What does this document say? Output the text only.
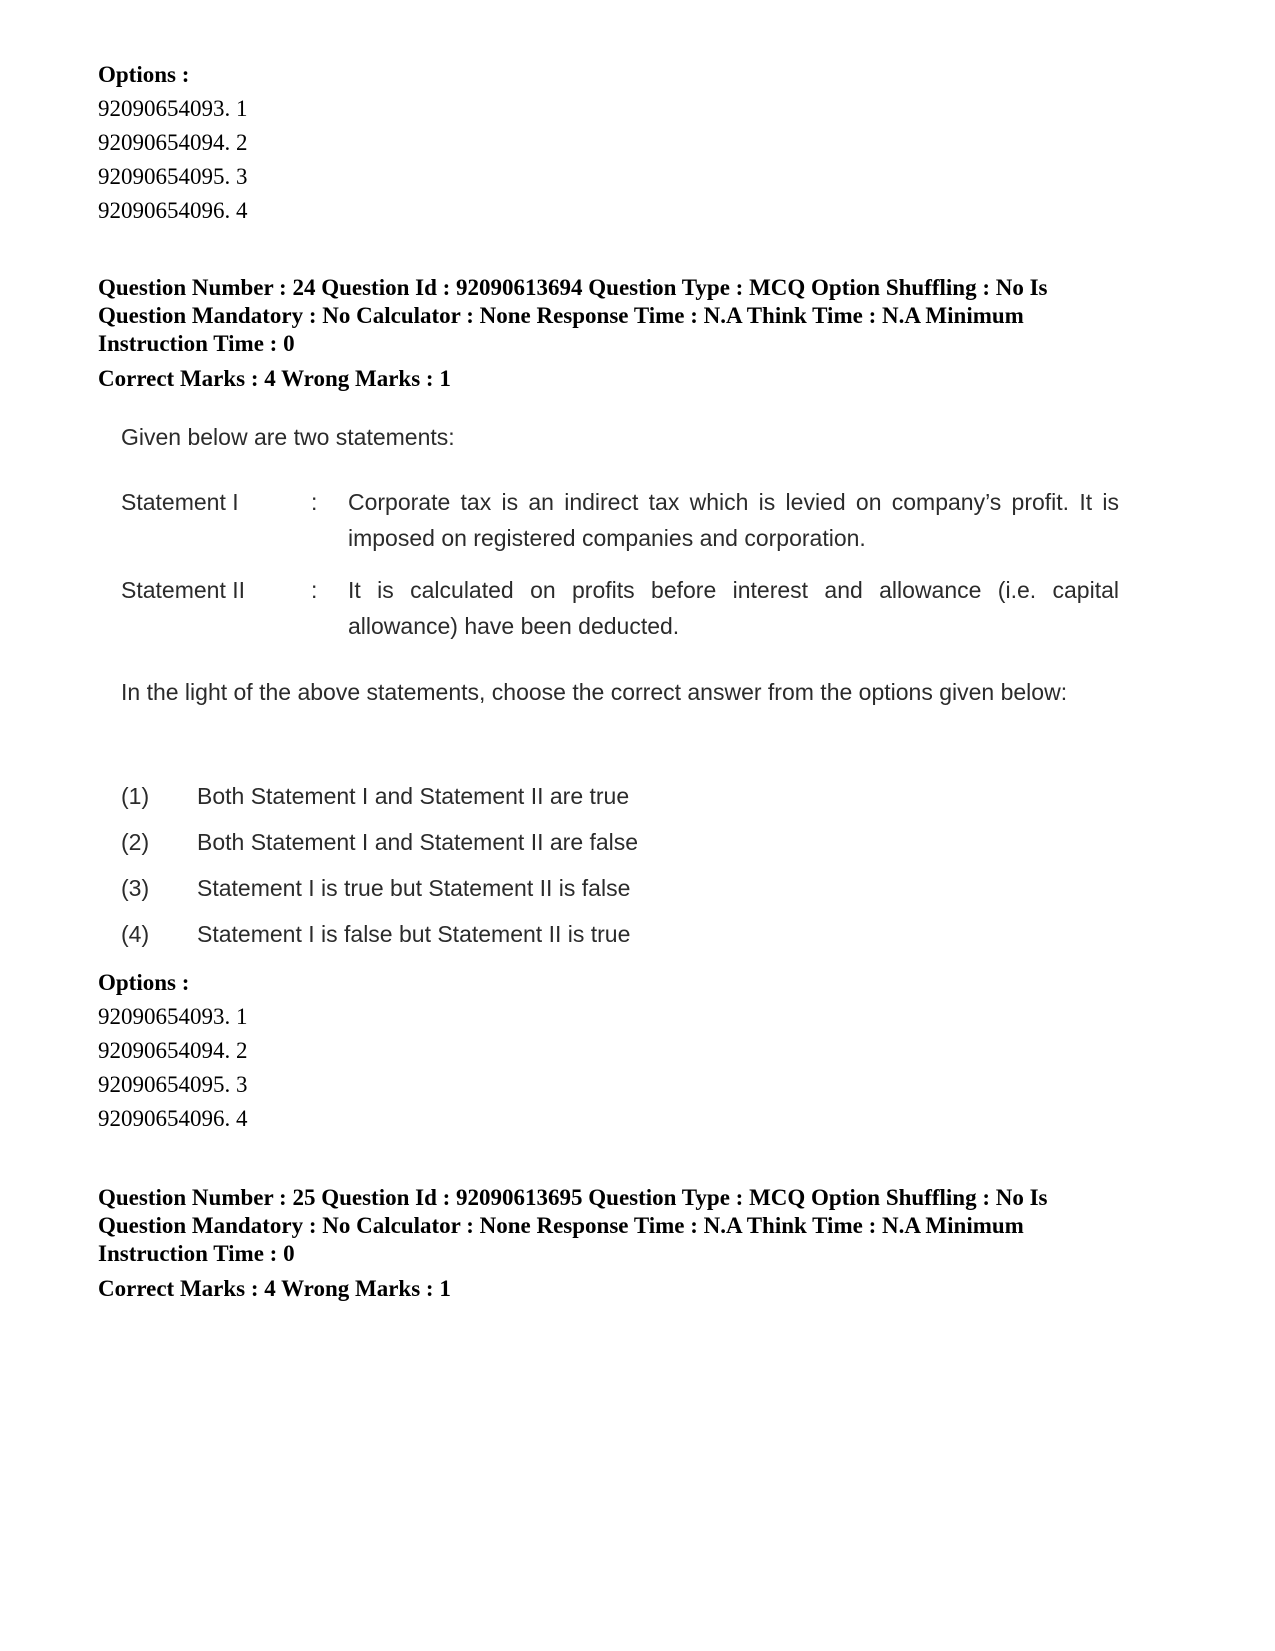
Options :
92090654093. 1
92090654094. 2
92090654095. 3
92090654096. 4
Question Number : 24 Question Id : 92090613694 Question Type : MCQ Option Shuffling : No Is
Question Mandatory : No Calculator : None Response Time : N.A Think Time : N.A Minimum
Instruction Time : 0
Correct Marks : 4 Wrong Marks : 1
Given below are two statements:
Statement I	: Corporate tax is an indirect tax which is levied on company’s profit. It is imposed on registered companies and corporation.
Statement II	: It is calculated on profits before interest and allowance (i.e. capital allowance) have been deducted.
In the light of the above statements, choose the correct answer from the options given below:
(1) Both Statement I and Statement II are true
(2) Both Statement I and Statement II are false
(3) Statement I is true but Statement II is false
(4) Statement I is false but Statement II is true
Options :
92090654093. 1
92090654094. 2
92090654095. 3
92090654096. 4
Question Number : 25 Question Id : 92090613695 Question Type : MCQ Option Shuffling : No Is
Question Mandatory : No Calculator : None Response Time : N.A Think Time : N.A Minimum
Instruction Time : 0
Correct Marks : 4 Wrong Marks : 1
